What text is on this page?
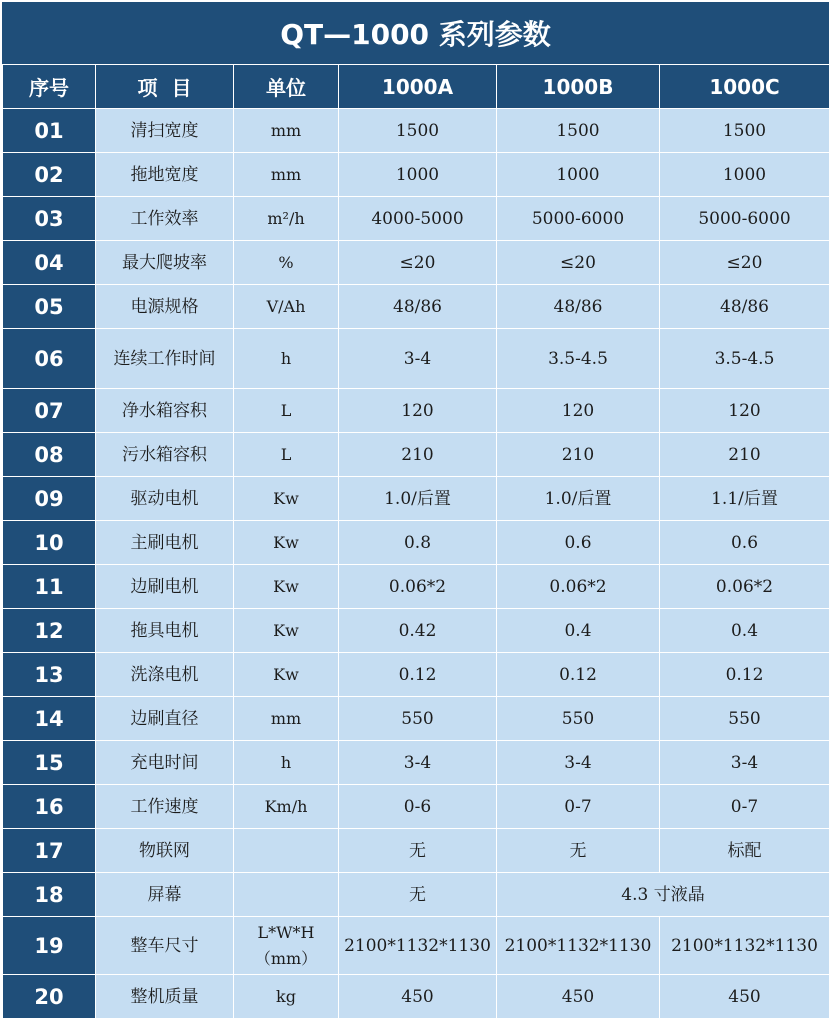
QT—1000 系列参数
序号	项  目	单位	1000A	1000B	1000C
01	清扫宽度	mm	1500	1500	1500
02	拖地宽度	mm	1000	1000	1000
03	工作效率	m²/h	4000-5000	5000-6000	5000-6000
04	最大爬坡率	%	≤20	≤20	≤20
05	电源规格	V/Ah	48/86	48/86	48/86
06	连续工作时间	h	3-4	3.5-4.5	3.5-4.5
07	净水箱容积	L	120	120	120
08	污水箱容积	L	210	210	210
09	驱动电机	Kw	1.0/后置	1.0/后置	1.1/后置
10	主刷电机	Kw	0.8	0.6	0.6
11	边刷电机	Kw	0.06*2	0.06*2	0.06*2
12	拖具电机	Kw	0.42	0.4	0.4
13	洗涤电机	Kw	0.12	0.12	0.12
14	边刷直径	mm	550	550	550
15	充电时间	h	3-4	3-4	3-4
16	工作速度	Km/h	0-6	0-7	0-7
17	物联网		无	无	标配
18	屏幕		无	4.3 寸液晶	
19	整车尺寸	L*W*H（mm）	2100*1132*1130	2100*1132*1130	2100*1132*1130
20	整机质量	kg	450	450	450
